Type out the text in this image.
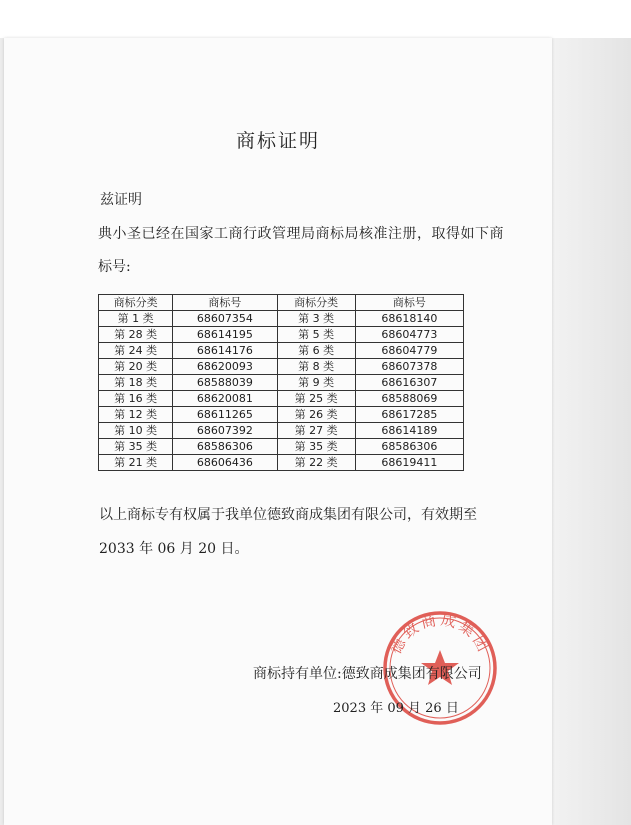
商标证明
兹证明
典小圣已经在国家工商行政管理局商标局核准注册，取得如下商
标号:
商标分类	商标号	商标分类	商标号
第 1 类	68607354	第 3 类	68618140
第 28 类	68614195	第 5 类	68604773
第 24 类	68614176	第 6 类	68604779
第 20 类	68620093	第 8 类	68607378
第 18 类	68588039	第 9 类	68616307
第 16 类	68620081	第 25 类	68588069
第 12 类	68611265	第 26 类	68617285
第 10 类	68607392	第 27 类	68614189
第 35 类	68586306	第 35 类	68586306
第 21 类	68606436	第 22 类	68619411
以上商标专有权属于我单位德致商成集团有限公司，有效期至
2033 年 06 月 20 日。
德致商成集团
商标持有单位:德致商成集团有限公司
2023 年 09 月 26 日
